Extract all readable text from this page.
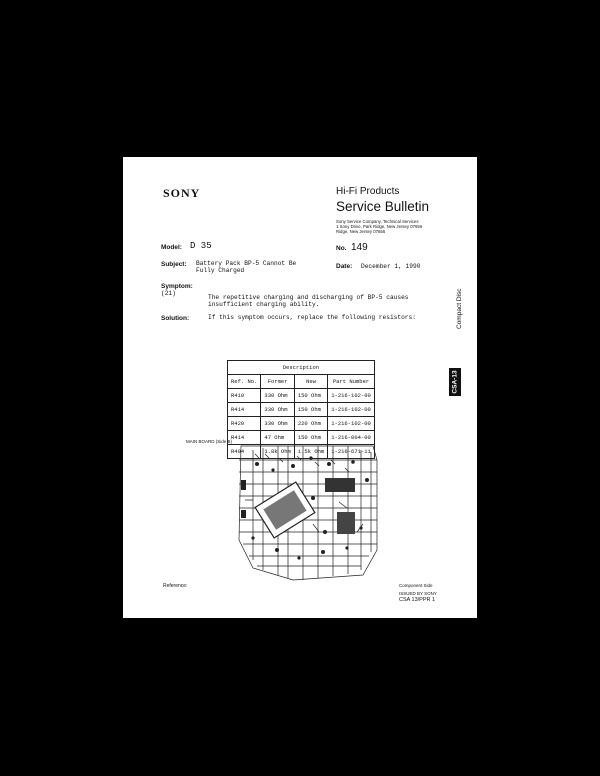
SONY	Hi-Fi Products
Service Bulletin
Sony Service Company, Technical Services
1 Sony Drive, Park Ridge, New Jersey 07656
Ridge, New Jersey 07656
Model: D 35	No. 149
Subject: Battery Pack BP-5 Cannot Be Fully Charged
Date: December 1, 1990
Symptom:
(21)
The repetitive charging and discharging of BP-5 causes insufficient charging ability.
Solution:	If this symptom occurs, replace the following resistors:
Description			
Ref. No.	Former	New	Part Number
R410	330 Ohm	150 Ohm	1-216-102-00
R414	330 Ohm	150 Ohm	1-216-102-00
R420	330 Ohm	220 Ohm	1-216-102-00
R414	47 Ohm	150 Ohm	1-216-004-00
R404	1.8k Ohm	1.5k Ohm	1-216-671-11
Compact Disc
CSA-13
MAIN BOARD (Side B)
Component Side
Reference:
ISSUED BY SONY
CSA 13/PPR 1
